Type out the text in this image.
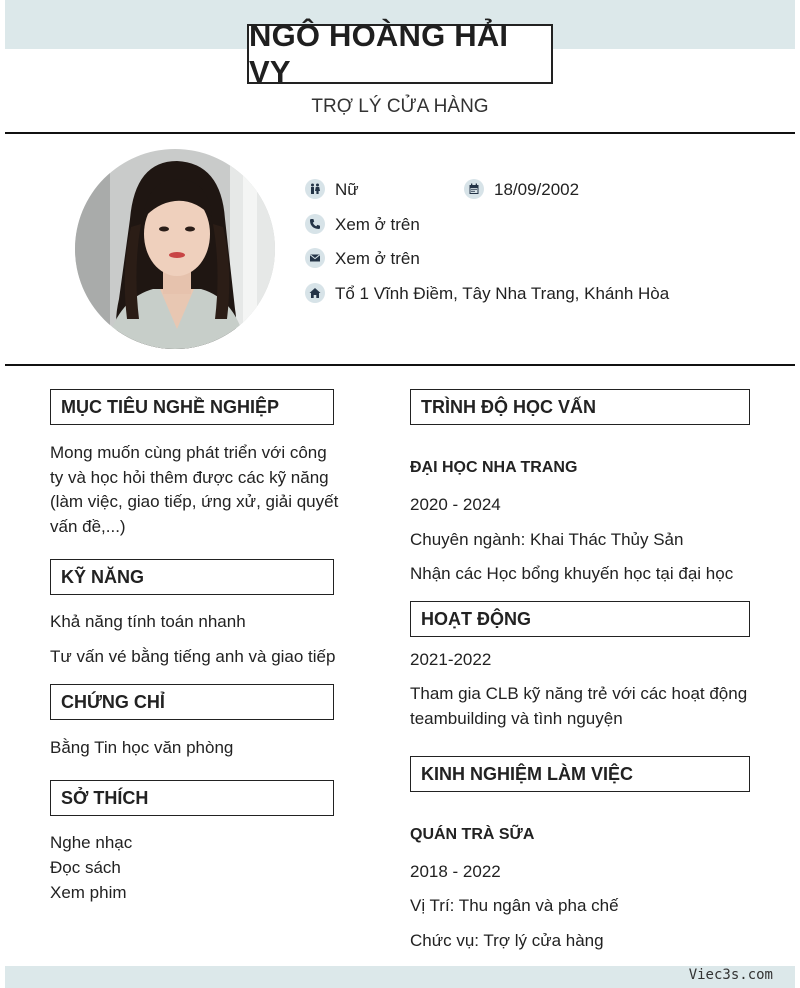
NGÔ HOÀNG HẢI VY
TRỢ LÝ CỬA HÀNG
Nữ	18/09/2002
Xem ở trên
Xem ở trên
Tổ 1 Vĩnh Điềm, Tây Nha Trang, Khánh Hòa
MỤC TIÊU NGHỀ NGHIỆP
Mong muốn cùng phát triển với công
ty và học hỏi thêm được các kỹ năng
(làm việc, giao tiếp, ứng xử, giải quyết
vấn đề,...)
KỸ NĂNG
Khả năng tính toán nhanh
Tư vấn vé bằng tiếng anh và giao tiếp
CHỨNG CHỈ
Bằng Tin học văn phòng
SỞ THÍCH
Nghe nhạc
Đọc sách
Xem phim
TRÌNH ĐỘ HỌC VẤN
ĐẠI HỌC NHA TRANG
2020 - 2024
Chuyên ngành: Khai Thác Thủy Sản
Nhận các Học bổng khuyến học tại đại học
HOẠT ĐỘNG
2021-2022
Tham gia CLB kỹ năng trẻ với các hoạt động
teambuilding và tình nguyện
KINH NGHIỆM LÀM VIỆC
QUÁN TRÀ SỮA
2018 - 2022
Vị Trí: Thu ngân và pha chế
Chức vụ: Trợ lý cửa hàng
Viec3s.com
